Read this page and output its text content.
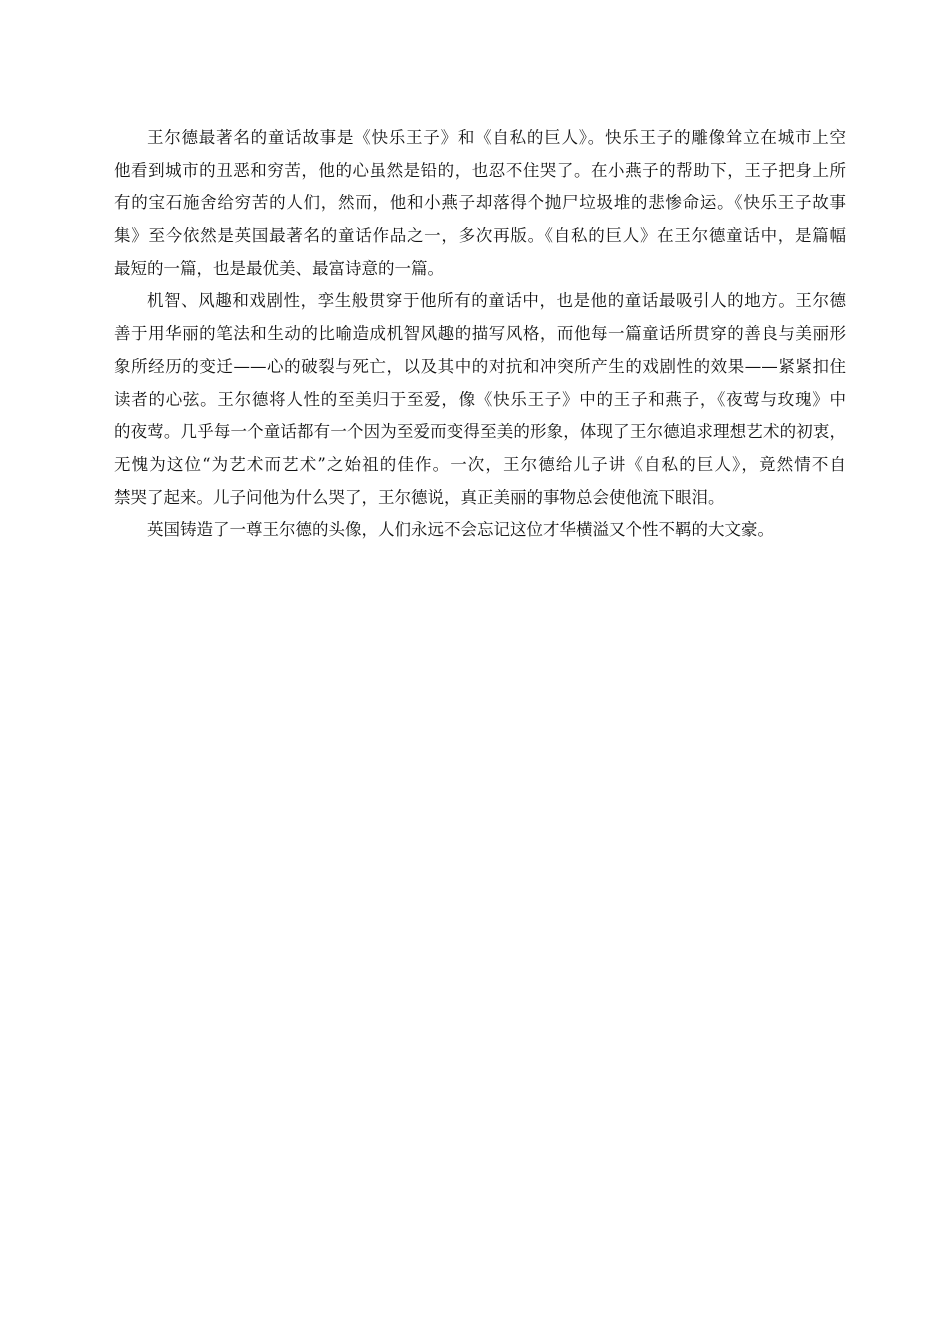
王尔德最著名的童话故事是《快乐王子》和《自私的巨人》。快乐王子的雕像耸立在城市上空
他看到城市的丑恶和穷苦，他的心虽然是铅的，也忍不住哭了。在小燕子的帮助下，王子把身上所
有的宝石施舍给穷苦的人们，然而，他和小燕子却落得个抛尸垃圾堆的悲惨命运。《快乐王子故事
集》至今依然是英国最著名的童话作品之一，多次再版。《自私的巨人》在王尔德童话中，是篇幅
最短的一篇，也是最优美、最富诗意的一篇。
机智、风趣和戏剧性，孪生般贯穿于他所有的童话中，也是他的童话最吸引人的地方。王尔德
善于用华丽的笔法和生动的比喻造成机智风趣的描写风格，而他每一篇童话所贯穿的善良与美丽形
象所经历的变迁——心的破裂与死亡，以及其中的对抗和冲突所产生的戏剧性的效果——紧紧扣住
读者的心弦。王尔德将人性的至美归于至爱，像《快乐王子》中的王子和燕子，《夜莺与玫瑰》中
的夜莺。几乎每一个童话都有一个因为至爱而变得至美的形象，体现了王尔德追求理想艺术的初衷，
无愧为这位“为艺术而艺术”之始祖的佳作。一次，王尔德给儿子讲《自私的巨人》，竟然情不自
禁哭了起来。儿子问他为什么哭了，王尔德说，真正美丽的事物总会使他流下眼泪。
英国铸造了一尊王尔德的头像，人们永远不会忘记这位才华横溢又个性不羁的大文豪。
